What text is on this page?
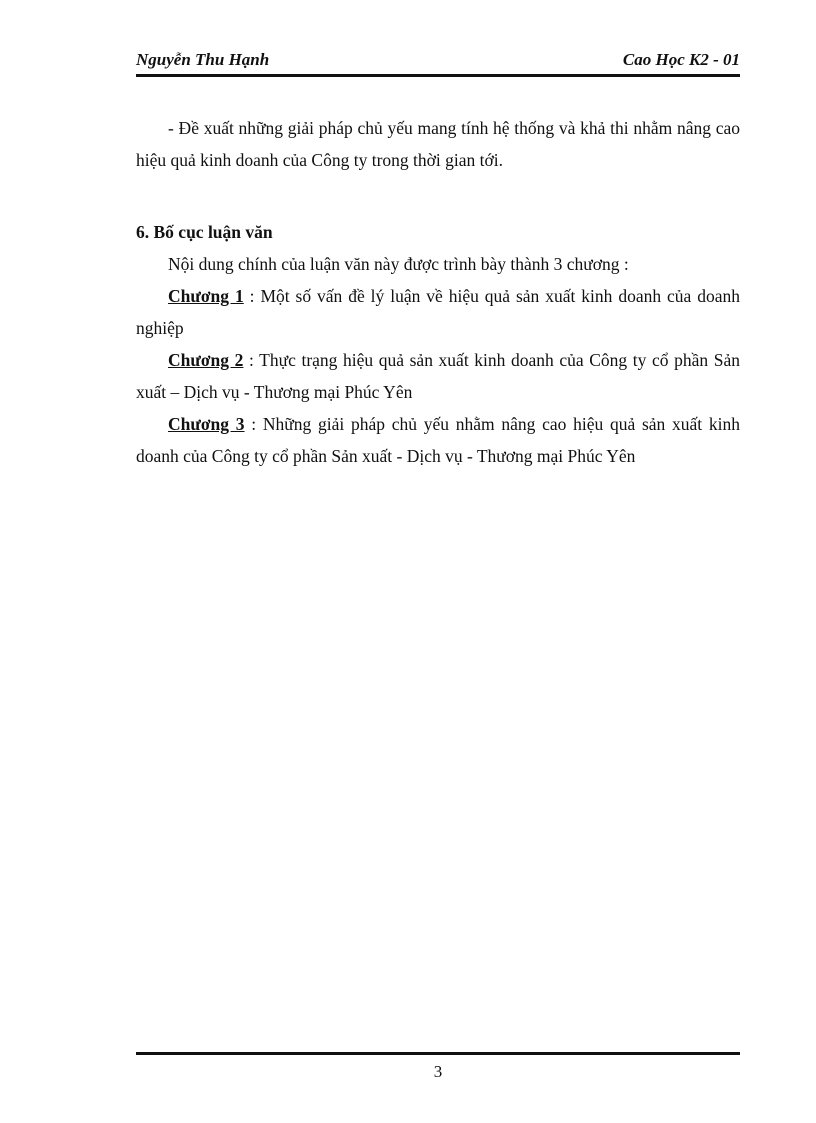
Nguyễn Thu Hạnh	Cao Học K2 - 01

- Đề xuất những giải pháp chủ yếu mang tính hệ thống và khả thi nhằm nâng cao hiệu quả kinh doanh của Công ty trong thời gian tới.

6. Bố cục luận văn

Nội dung chính của luận văn này được trình bày thành 3 chương :

Chương 1 : Một số vấn đề lý luận về hiệu quả sản xuất kinh doanh của doanh nghiệp

Chương 2 : Thực trạng hiệu quả sản xuất kinh doanh của Công ty cổ phần Sản xuất – Dịch vụ - Thương mại Phúc Yên

Chương 3 : Những giải pháp chủ yếu nhằm nâng cao hiệu quả sản xuất kinh doanh của Công ty cổ phần Sản xuất - Dịch vụ - Thương mại Phúc Yên

3
